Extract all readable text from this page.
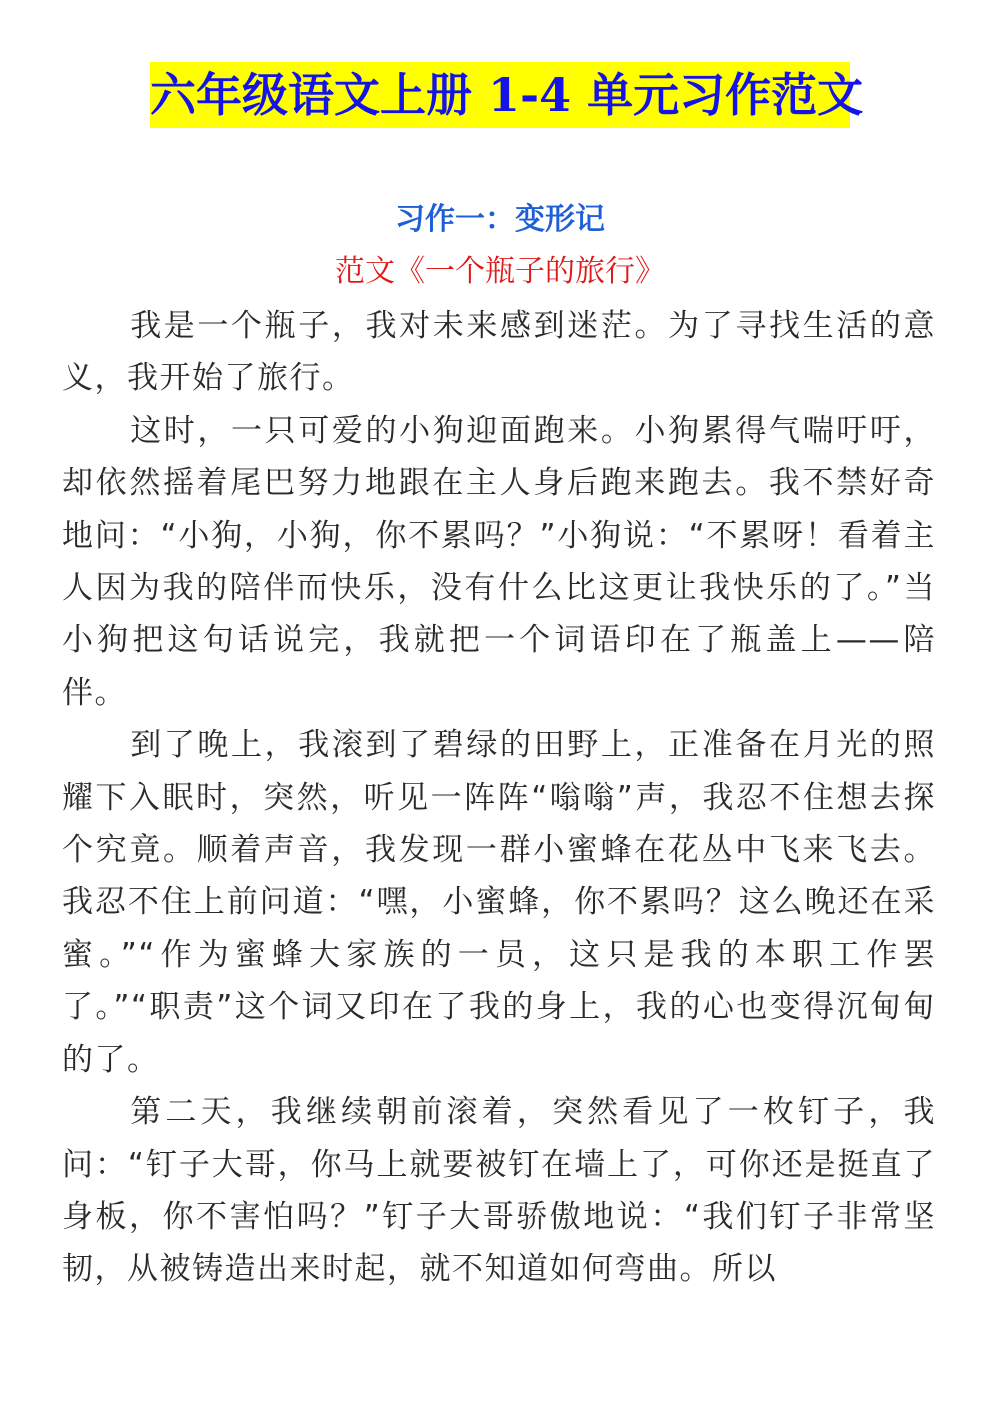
六年级语文上册 1-4 单元习作范文
习作一：变形记
范文《一个瓶子的旅行》

我是一个瓶子，我对未来感到迷茫。为了寻找生活的意义，我开始了旅行。

这时，一只可爱的小狗迎面跑来。小狗累得气喘吁吁，却依然摇着尾巴努力地跟在主人身后跑来跑去。我不禁好奇地问：“小狗，小狗，你不累吗？”小狗说：“不累呀！看着主人因为我的陪伴而快乐，没有什么比这更让我快乐的了。”当小狗把这句话说完，我就把一个词语印在了瓶盖上——陪伴。

到了晚上，我滚到了碧绿的田野上，正准备在月光的照耀下入眠时，突然，听见一阵阵“嗡嗡”声，我忍不住想去探个究竟。顺着声音，我发现一群小蜜蜂在花丛中飞来飞去。我忍不住上前问道：“嘿，小蜜蜂，你不累吗？这么晚还在采蜜。”“作为蜜蜂大家族的一员，这只是我的本职工作罢了。”“职责”这个词又印在了我的身上，我的心也变得沉甸甸的了。

第二天，我继续朝前滚着，突然看见了一枚钉子，我问：“钉子大哥，你马上就要被钉在墙上了，可你还是挺直了身板，你不害怕吗？”钉子大哥骄傲地说：“我们钉子非常坚韧，从被铸造出来时起，就不知道如何弯曲。所以
